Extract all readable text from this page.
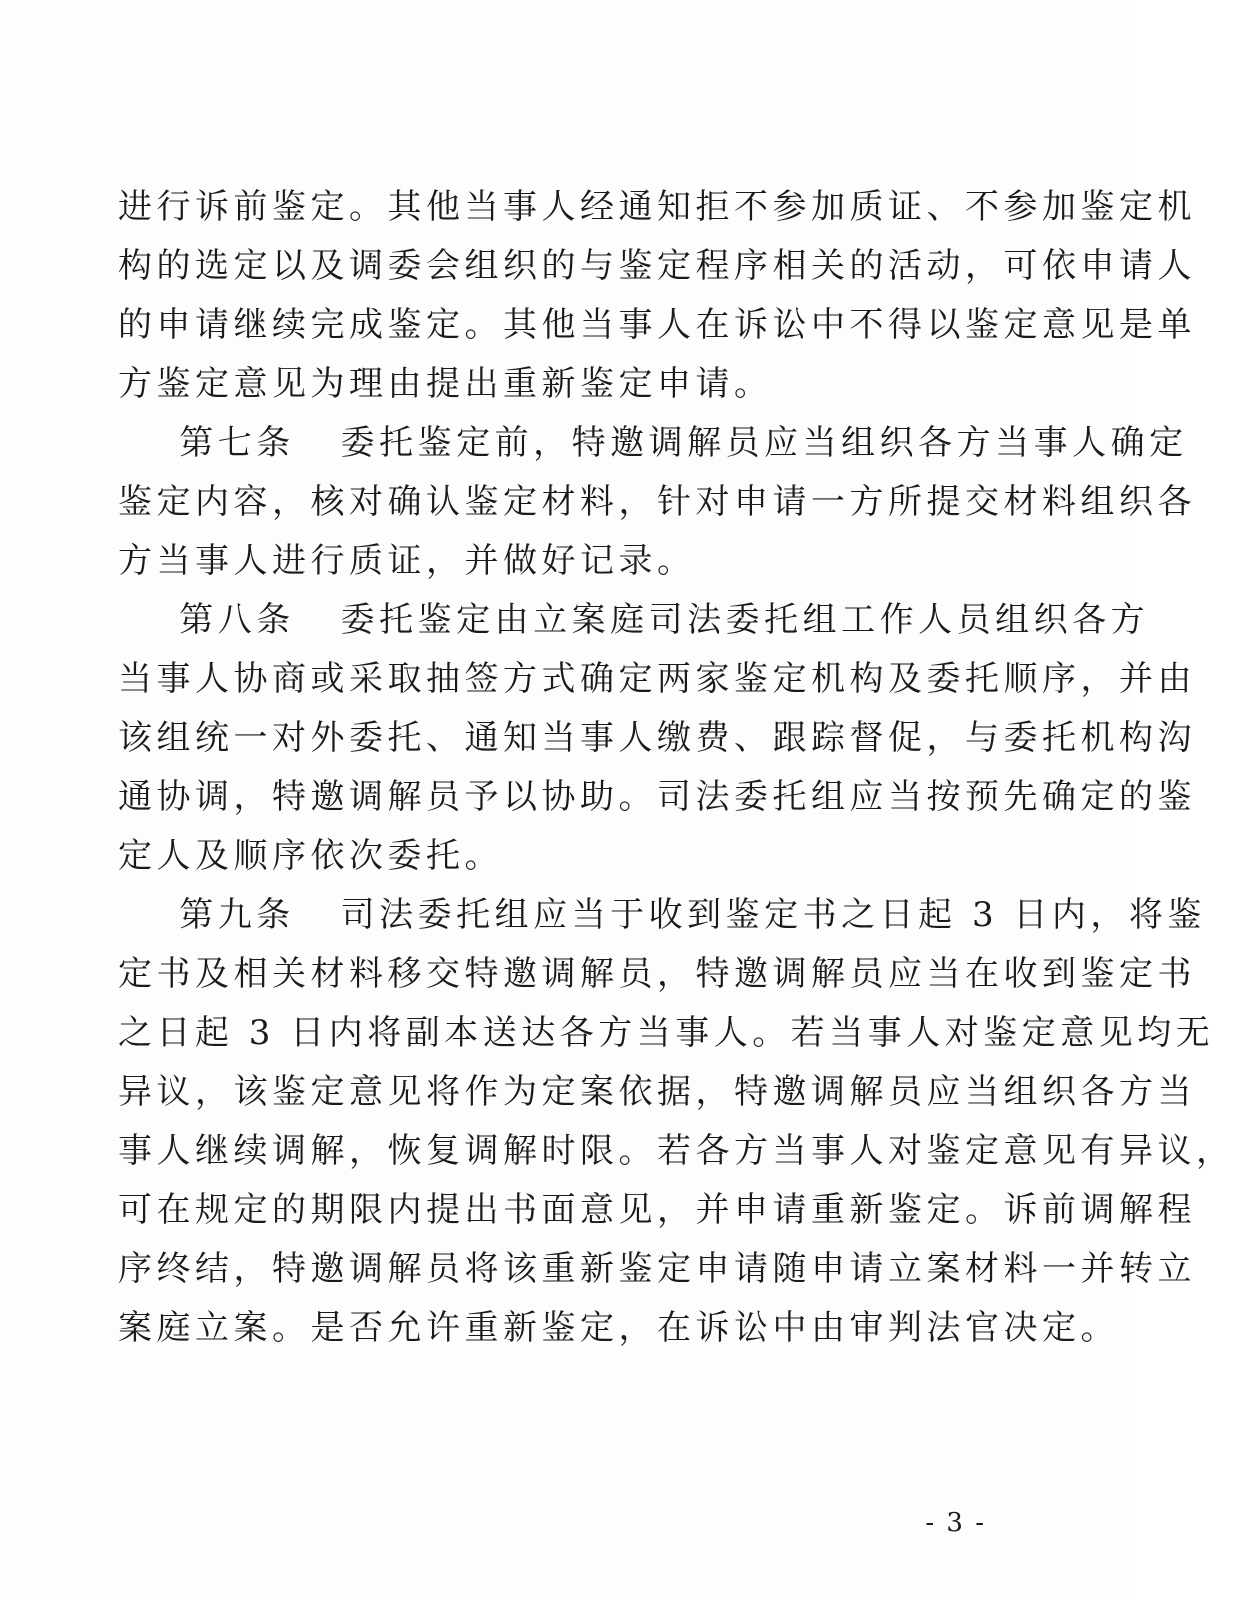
进行诉前鉴定。其他当事人经通知拒不参加质证、不参加鉴定机
构的选定以及调委会组织的与鉴定程序相关的活动，可依申请人
的申请继续完成鉴定。其他当事人在诉讼中不得以鉴定意见是单
方鉴定意见为理由提出重新鉴定申请。
第七条   委托鉴定前，特邀调解员应当组织各方当事人确定
鉴定内容，核对确认鉴定材料，针对申请一方所提交材料组织各
方当事人进行质证，并做好记录。
第八条   委托鉴定由立案庭司法委托组工作人员组织各方
当事人协商或采取抽签方式确定两家鉴定机构及委托顺序，并由
该组统一对外委托、通知当事人缴费、跟踪督促，与委托机构沟
通协调，特邀调解员予以协助。司法委托组应当按预先确定的鉴
定人及顺序依次委托。
第九条   司法委托组应当于收到鉴定书之日起 3 日内，将鉴
定书及相关材料移交特邀调解员，特邀调解员应当在收到鉴定书
之日起 3 日内将副本送达各方当事人。若当事人对鉴定意见均无
异议，该鉴定意见将作为定案依据，特邀调解员应当组织各方当
事人继续调解，恢复调解时限。若各方当事人对鉴定意见有异议，
可在规定的期限内提出书面意见，并申请重新鉴定。诉前调解程
序终结，特邀调解员将该重新鉴定申请随申请立案材料一并转立
案庭立案。是否允许重新鉴定，在诉讼中由审判法官决定。
- 3 -
